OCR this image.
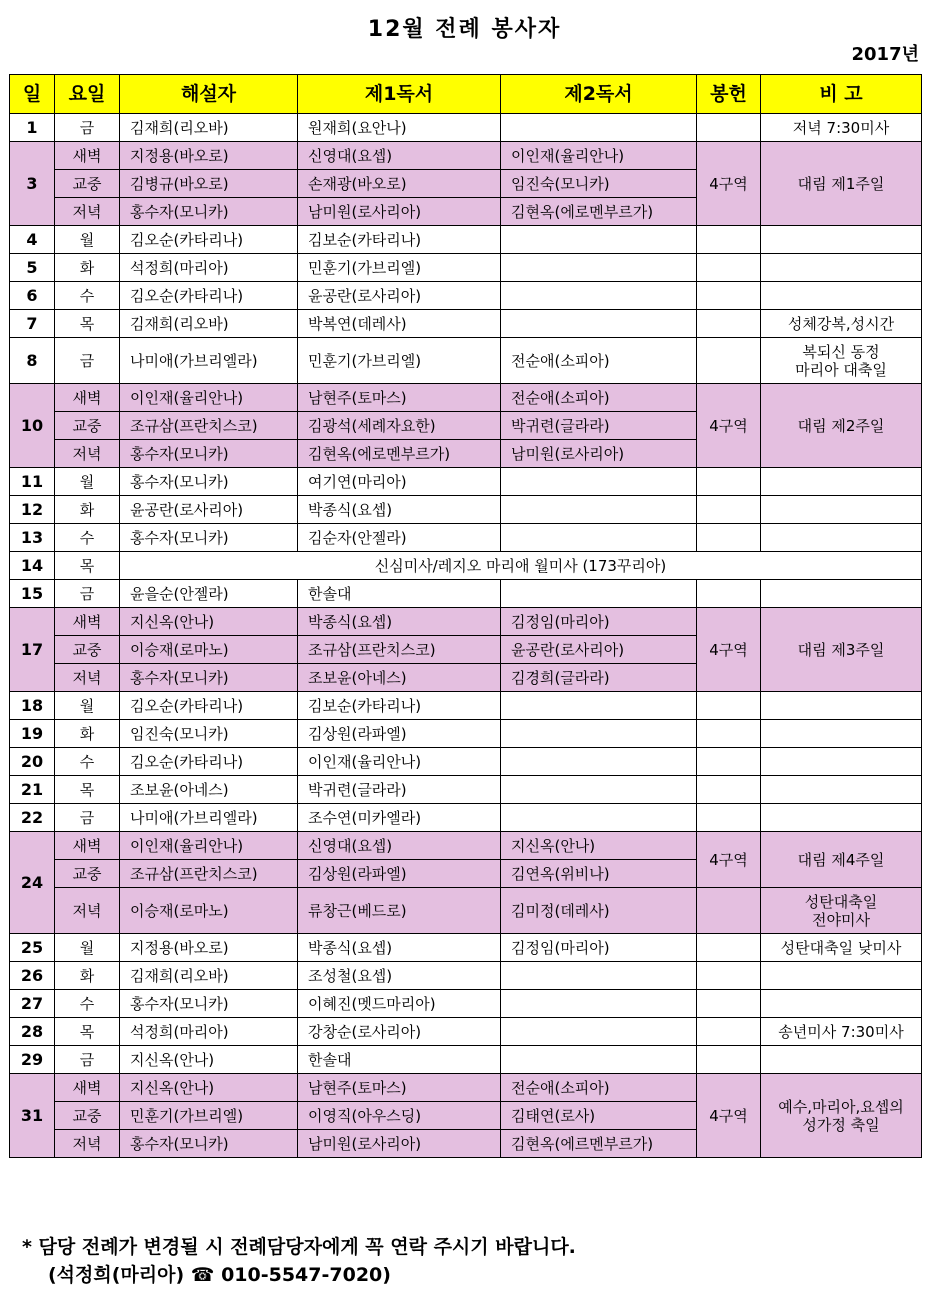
12월 전례 봉사자
2017년
일	요일	해설자	제1독서	제2독서	봉헌	비 고
1	금	김재희(리오바)	원재희(요안나)			저녁 7:30미사
3	새벽	지정용(바오로)	신영대(요셉)	이인재(율리안나)	4구역	대림 제1주일
	교중	김병규(바오로)	손재광(바오로)	임진숙(모니카)		
	저녁	홍수자(모니카)	남미원(로사리아)	김현옥(에로멘부르가)		
4	월	김오순(카타리나)	김보순(카타리나)			
5	화	석정희(마리아)	민훈기(가브리엘)			
6	수	김오순(카타리나)	윤공란(로사리아)			
7	목	김재희(리오바)	박복연(데레사)			성체강복,성시간
8	금	나미애(가브리엘라)	민훈기(가브리엘)	전순애(소피아)		복되신 동정
마리아 대축일
10	새벽	이인재(율리안나)	남현주(토마스)	전순애(소피아)	4구역	대림 제2주일
	교중	조규삼(프란치스코)	김광석(세례자요한)	박귀련(글라라)		
	저녁	홍수자(모니카)	김현옥(에로멘부르가)	남미원(로사리아)		
11	월	홍수자(모니카)	여기연(마리아)			
12	화	윤공란(로사리아)	박종식(요셉)			
13	수	홍수자(모니카)	김순자(안젤라)			
14	목	신심미사/레지오 마리애 월미사 (173꾸리아)				
15	금	윤을순(안젤라)	한솔대			
17	새벽	지신옥(안나)	박종식(요셉)	김정임(마리아)	4구역	대림 제3주일
	교중	이승재(로마노)	조규삼(프란치스코)	윤공란(로사리아)		
	저녁	홍수자(모니카)	조보윤(아네스)	김경희(글라라)		
18	월	김오순(카타리나)	김보순(카타리나)			
19	화	임진숙(모니카)	김상원(라파엘)			
20	수	김오순(카타리나)	이인재(율리안나)			
21	목	조보윤(아네스)	박귀련(글라라)			
22	금	나미애(가브리엘라)	조수연(미카엘라)			
24	새벽	이인재(율리안나)	신영대(요셉)	지신옥(안나)	4구역	대림 제4주일
	교중	조규삼(프란치스코)	김상원(라파엘)	김연옥(위비나)		
	저녁	이승재(로마노)	류창근(베드로)	김미정(데레사)		성탄대축일
전야미사
25	월	지정용(바오로)	박종식(요셉)	김정임(마리아)		성탄대축일 낮미사
26	화	김재희(리오바)	조성철(요셉)			
27	수	홍수자(모니카)	이혜진(멧드마리아)			
28	목	석정희(마리아)	강창순(로사리아)			송년미사 7:30미사
29	금	지신옥(안나)	한솔대			
31	새벽	지신옥(안나)	남현주(토마스)	전순애(소피아)	4구역	예수,마리아,요셉의
성가정 축일
	교중	민훈기(가브리엘)	이영직(아우스딩)	김태연(로사)		
	저녁	홍수자(모니카)	남미원(로사리아)	김현옥(에르멘부르가)		
* 담당 전례가 변경될 시 전례담당자에게 꼭 연락 주시기 바랍니다.
(석정희(마리아) ☎ 010-5547-7020)
